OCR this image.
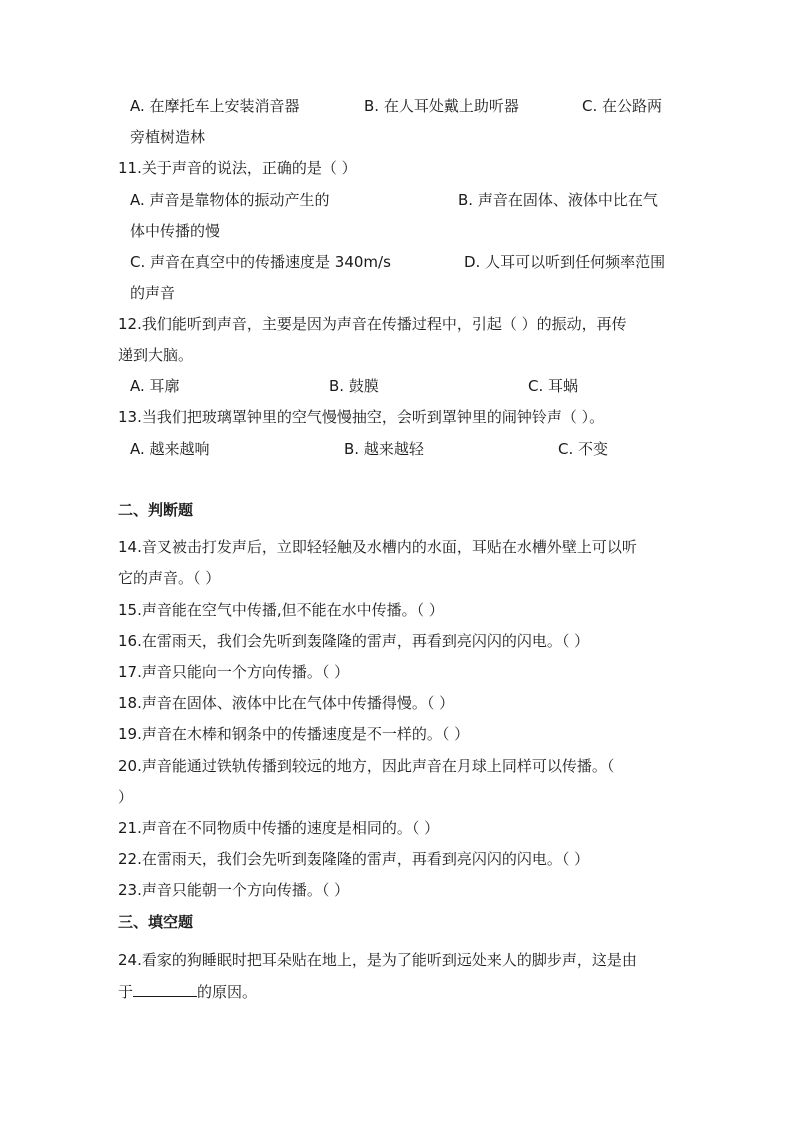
A. 在摩托车上安装消音器	B. 在人耳处戴上助听器	C. 在公路两
旁植树造林
11.关于声音的说法，正确的是（ ）
A. 声音是靠物体的振动产生的	B. 声音在固体、液体中比在气
体中传播的慢
C. 声音在真空中的传播速度是 340m/s	D. 人耳可以听到任何频率范围
的声音
12.我们能听到声音，主要是因为声音在传播过程中，引起（ ）的振动，再传
递到大脑。
A. 耳廓	B. 鼓膜	C. 耳蜗
13.当我们把玻璃罩钟里的空气慢慢抽空，会听到罩钟里的闹钟铃声（ ）。
A. 越来越响	B. 越来越轻	C. 不变
二、判断题
14.音叉被击打发声后，立即轻轻触及水槽内的水面，耳贴在水槽外壁上可以听
它的声音。（ ）
15.声音能在空气中传播,但不能在水中传播。（ ）
16.在雷雨天，我们会先听到轰隆隆的雷声，再看到亮闪闪的闪电。（ ）
17.声音只能向一个方向传播。（ ）
18.声音在固体、液体中比在气体中传播得慢。（ ）
19.声音在木棒和钢条中的传播速度是不一样的。（ ）
20.声音能通过铁轨传播到较远的地方，因此声音在月球上同样可以传播。（
）
21.声音在不同物质中传播的速度是相同的。（ ）
22.在雷雨天，我们会先听到轰隆隆的雷声，再看到亮闪闪的闪电。（ ）
23.声音只能朝一个方向传播。（ ）
三、填空题
24.看家的狗睡眠时把耳朵贴在地上，是为了能听到远处来人的脚步声，这是由
于	的原因。
